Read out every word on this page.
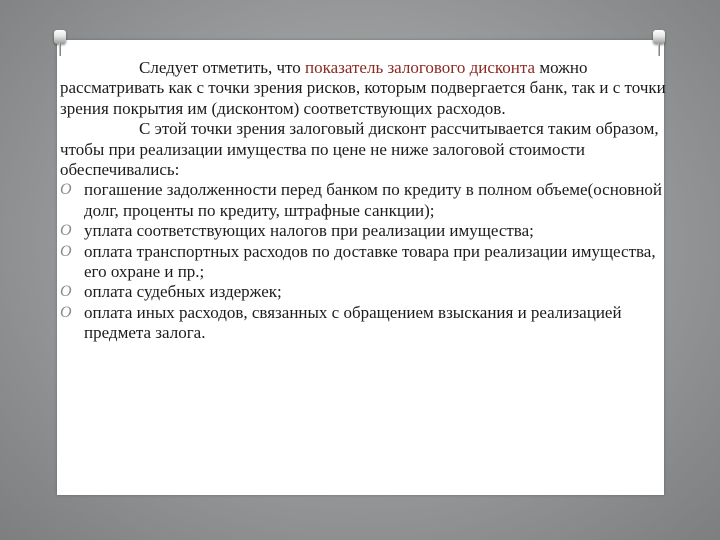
Следует отметить, что показатель залогового дисконта можно рассматривать как с точки зрения рисков, которым подвергается банк, так и с точки зрения покрытия им (дисконтом) соответствующих расходов.

С этой точки зрения залоговый дисконт рассчитывается таким образом, чтобы при реализации имущества по цене не ниже залоговой стоимости обеспечивались:

O погашение задолженности перед банком по кредиту в полном объеме(основной долг, проценты по кредиту, штрафные санкции);
O уплата соответствующих налогов при реализации имущества;
O оплата транспортных расходов по доставке товара при реализации имущества, его охране и пр.;
O оплата судебных издержек;
O оплата иных расходов, связанных с обращением взыскания и реализацией предмета залога.
